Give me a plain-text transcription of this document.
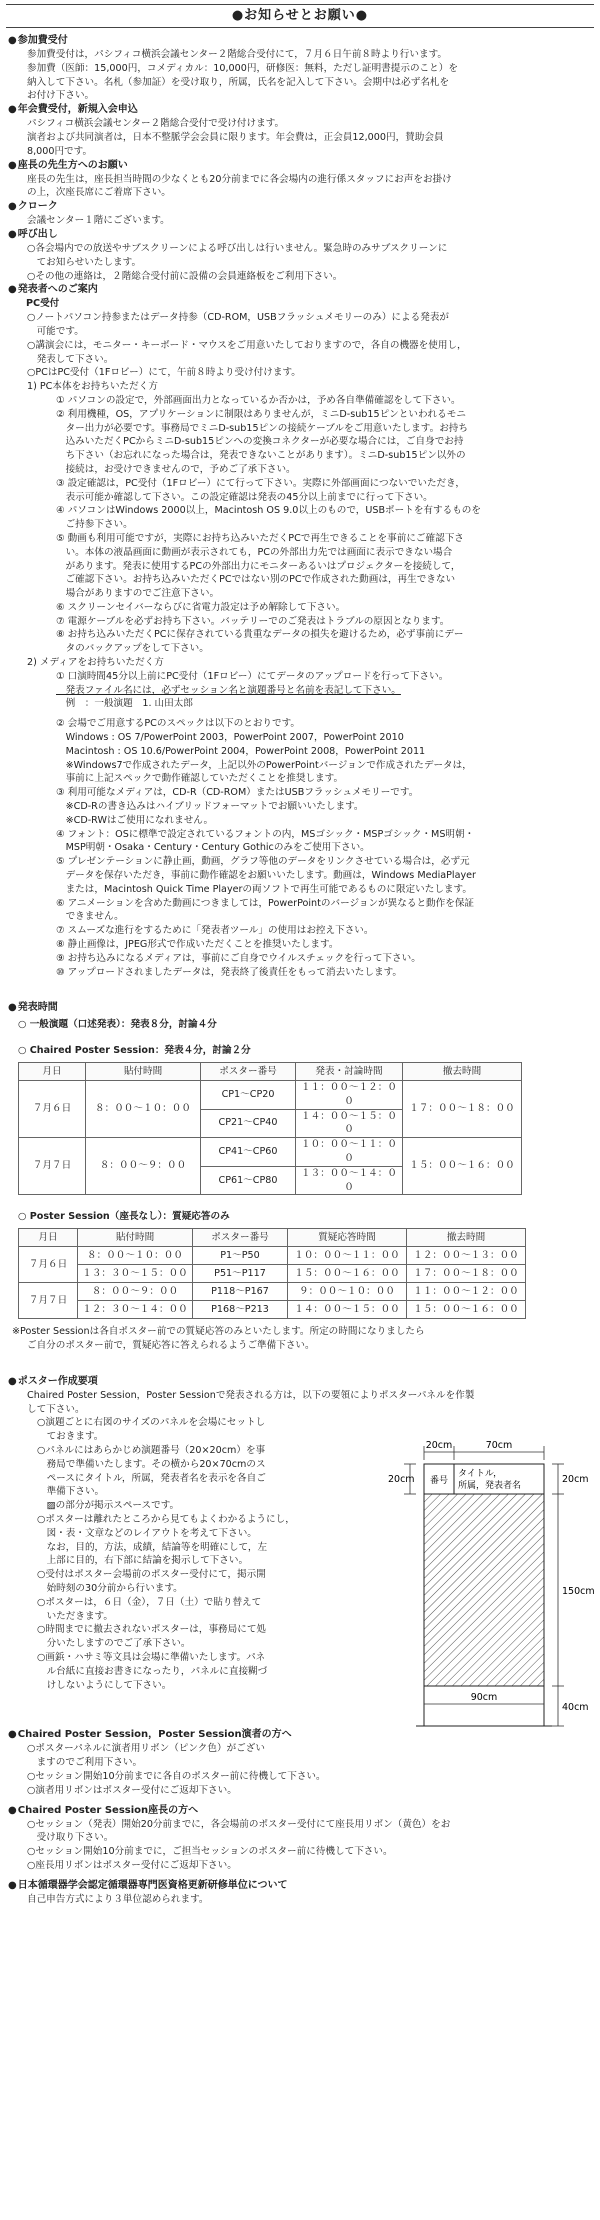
●お知らせとお願い●
● 参加費受付
参加費受付は，パシフィコ横浜会議センター２階総合受付にて，７月６日午前８時より行います。
参加費（医師：15,000円，コメディカル：10,000円，研修医：無料，ただし証明書提示のこと）を
納入して下さい。名札（参加証）を受け取り，所属，氏名を記入して下さい。会期中は必ず名札を
お付け下さい。
● 年会費受付，新規入会申込
パシフィコ横浜会議センター２階総合受付で受け付けます。
演者および共同演者は，日本不整脈学会会員に限ります。年会費は，正会員12,000円，賛助会員
8,000円です。
● 座長の先生方へのお願い
座長の先生は，座長担当時間の少なくとも20分前までに各会場内の進行係スタッフにお声をお掛け
の上，次座長席にご着席下さい。
● クローク
会議センター１階にございます。
● 呼び出し
○各会場内での放送やサブスクリーンによる呼び出しは行いません。緊急時のみサブスクリーンに
　てお知らせいたします。
○その他の連絡は，２階総合受付前に設備の会員連絡板をご利用下さい。
● 発表者へのご案内
PC受付
○ノートパソコン持参またはデータ持参（CD-ROM，USBフラッシュメモリーのみ）による発表が
　可能です。
○講演会には，モニター・キーボード・マウスをご用意いたしておりますので，各自の機器を使用し，
　発表して下さい。
○PCはPC受付（1Fロビー）にて，午前８時より受け付けます。
1) PC本体をお持ちいただく方
① パソコンの設定で，外部画面出力となっているか否かは，予め各自準備確認をして下さい。
② 利用機種，OS，アプリケーションに制限はありませんが，ミニD-sub15ピンといわれるモニ
　ター出力が必要です。事務局でミニD-sub15ピンの接続ケーブルをご用意いたします。お持ち
　込みいただくPCからミニD-sub15ピンへの変換コネクターが必要な場合には，ご自身でお持
　ち下さい（お忘れになった場合は，発表できないことがあります）。ミニD-sub15ピン以外の
　接続は，お受けできませんので，予めご了承下さい。
③ 設定確認は，PC受付（1Fロビー）にて行って下さい。実際に外部画面につないでいただき，
　表示可能か確認して下さい。この設定確認は発表の45分以上前までに行って下さい。
④ パソコンはWindows 2000以上，Macintosh OS 9.0以上のもので，USBポートを有するものを
　ご持参下さい。
⑤ 動画も利用可能ですが，実際にお持ち込みいただくPCで再生できることを事前にご確認下さ
　い。本体の液晶画面に動画が表示されても，PCの外部出力先では画面に表示できない場合
　があります。発表に使用するPCの外部出力にモニターあるいはプロジェクターを接続して，
　ご確認下さい。お持ち込みいただくPCではない別のPCで作成された動画は，再生できない
　場合がありますのでご注意下さい。
⑥ スクリーンセイバーならびに省電力設定は予め解除して下さい。
⑦ 電源ケーブルを必ずお持ち下さい。バッテリーでのご発表はトラブルの原因となります。
⑧ お持ち込みいただくPCに保存されている貴重なデータの損失を避けるため，必ず事前にデー
　タのバックアップをして下さい。
2) メディアをお持ちいただく方
① 口演時間45分以上前にPC受付（1Fロビー）にてデータのアップロードを行って下さい。
　発表ファイル名には，必ずセッション名と演題番号と名前を表記して下さい。
　例　：一般演題　1. 山田太郎
② 会場でご用意するPCのスペックは以下のとおりです。
　Windows : OS 7/PowerPoint 2003，PowerPoint 2007，PowerPoint 2010
　Macintosh : OS 10.6/PowerPoint 2004，PowerPoint 2008，PowerPoint 2011
　※Windows7で作成されたデータ，上記以外のPowerPointバージョンで作成されたデータは，
　事前に上記スペックで動作確認していただくことを推奨します。
③ 利用可能なメディアは，CD-R（CD-ROM）またはUSBフラッシュメモリーです。
　※CD-Rの書き込みはハイブリッドフォーマットでお願いいたします。
　※CD-RWはご使用になれません。
④ フォント：OSに標準で設定されているフォントの内，MSゴシック・MSPゴシック・MS明朝・
　MSP明朝・Osaka・Century・Century Gothicのみをご使用下さい。
⑤ プレゼンテーションに静止画，動画，グラフ等他のデータをリンクさせている場合は，必ず元
　データを保存いただき，事前に動作確認をお願いいたします。動画は，Windows MediaPlayer
　または，Macintosh Quick Time Playerの両ソフトで再生可能であるものに限定いたします。
⑥ アニメーションを含めた動画につきましては，PowerPointのバージョンが異なると動作を保証
　できません。
⑦ スムーズな進行をするために「発表者ツール」の使用はお控え下さい。
⑧ 静止画像は，JPEG形式で作成いただくことを推奨いたします。
⑨ お持ち込みになるメディアは，事前にご自身でウイルスチェックを行って下さい。
⑩ アップロードされましたデータは，発表終了後責任をもって消去いたします。
● 発表時間
○ 一般演題（口述発表）：発表８分，討論４分
○ Chaired Poster Session：発表４分，討論２分
月日	貼付時間	ポスター番号	発表・討論時間	撤去時間
７月６日	８：００～１０：００	CP1～CP20	１１：００～１２：００	１７：００～１８：００
		CP21～CP40	１４：００～１５：００	
７月７日	８：００～９：００	CP41～CP60	１０：００～１１：００	１５：００～１６：００
		CP61～CP80	１３：００～１４：００	
○ Poster Session（座長なし）：質疑応答のみ
月日	貼付時間	ポスター番号	質疑応答時間	撤去時間
７月６日	８：００～１０：００	P1～P50	１０：００～１１：００	１２：００～１３：００
	１３：３０～１５：００	P51～P117	１５：００～１６：００	１７：００～１８：００
７月７日	８：００～９：００	P118～P167	９：００～１０：００	１１：００～１２：００
	１２：３０～１４：００	P168～P213	１４：００～１５：００	１５：００～１６：００
※Poster Sessionは各自ポスター前での質疑応答のみといたします。所定の時間になりましたら
ご自分のポスター前で，質疑応答に答えられるようご準備下さい。
● ポスター作成要項
Chaired Poster Session，Poster Sessionで発表される方は，以下の要領によりポスターパネルを作製
して下さい。
○演題ごとに右図のサイズのパネルを会場にセットし
　ておきます。
○パネルにはあらかじめ演題番号（20×20cm）を事
　務局で準備いたします。その横から20×70cmのス
　ペースにタイトル，所属，発表者名を表示を各自ご
　準備下さい。
　▨の部分が掲示スペースです。
○ポスターは離れたところから見てもよくわかるようにし，
　図・表・文章などのレイアウトを考えて下さい。
　なお，目的，方法，成績，結論等を明確にして，左
　上部に目的，右下部に結論を掲示して下さい。
○受付はポスター会場前のポスター受付にて，掲示開
　始時刻の30分前から行います。
○ポスターは，６日（金），７日（土）で貼り替えて
　いただきます。
○時間までに撤去されないポスターは，事務局にて処
　分いたしますのでご了承下さい。
○画鋲・ハサミ等文具は会場に準備いたします。パネ
　ル台紙に直接お書きになったり，パネルに直接糊づ
　けしないようにして下さい。
20cm	70cm
番号
タイトル，
所属，発表者名
20cm	20cm
150cm
40cm
90cm
● Chaired Poster Session，Poster Session演者の方へ
○ポスターパネルに演者用リボン（ピンク色）がござい
　ますのでご利用下さい。
○セッション開始10分前までに各自のポスター前に待機して下さい。
○演者用リボンはポスター受付にご返却下さい。
● Chaired Poster Session座長の方へ
○セッション（発表）開始20分前までに，各会場前のポスター受付にて座長用リボン（黄色）をお
　受け取り下さい。
○セッション開始10分前までに，ご担当セッションのポスター前に待機して下さい。
○座長用リボンはポスター受付にご返却下さい。
● 日本循環器学会認定循環器専門医資格更新研修単位について
自己申告方式により３単位認められます。
